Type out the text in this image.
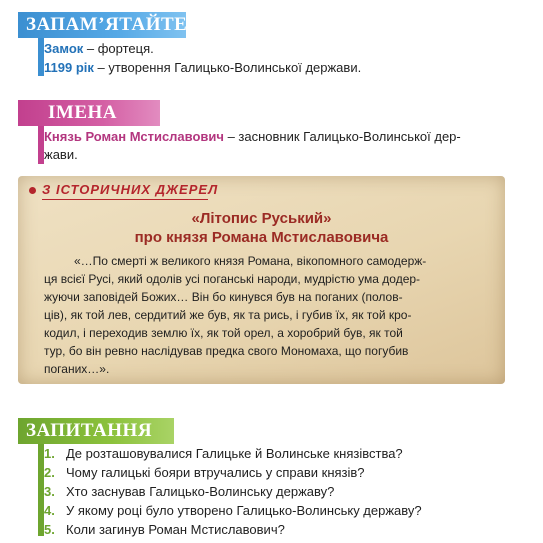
ЗАПАМ’ЯТАЙТЕ
Замок – фортеця.
1199 рік – утворення Галицько-Волинської держави.
ІМЕНА
Князь Роман Мстиславович – засновник Галицько-Волинської дер-
жави.
З ІСТОРИЧНИХ ДЖЕРЕЛ
«Літопис Руський»
про князя Романа Мстиславовича
«…По смерті ж великого князя Романа, вікопомного самодерж-
ця всієї Русі, який одолів усі поганські народи, мудрістю ума додер-
жуючи заповідей Божих… Він бо кинувся був на поганих (полов-
ців), як той лев, сердитий же був, як та рись, і губив їх, як той кро-
кодил, і переходив землю їх, як той орел, а хоробрий був, як той
тур, бо він ревно наслідував предка свого Мономаха, що погубив
поганих…».
ЗАПИТАННЯ
1. Де розташовувалися Галицьке й Волинське князівства?
2. Чому галицькі бояри втручались у справи князів?
3. Хто заснував Галицько-Волинську державу?
4. У якому році було утворено Галицько-Волинську державу?
5. Коли загинув Роман Мстиславович?
